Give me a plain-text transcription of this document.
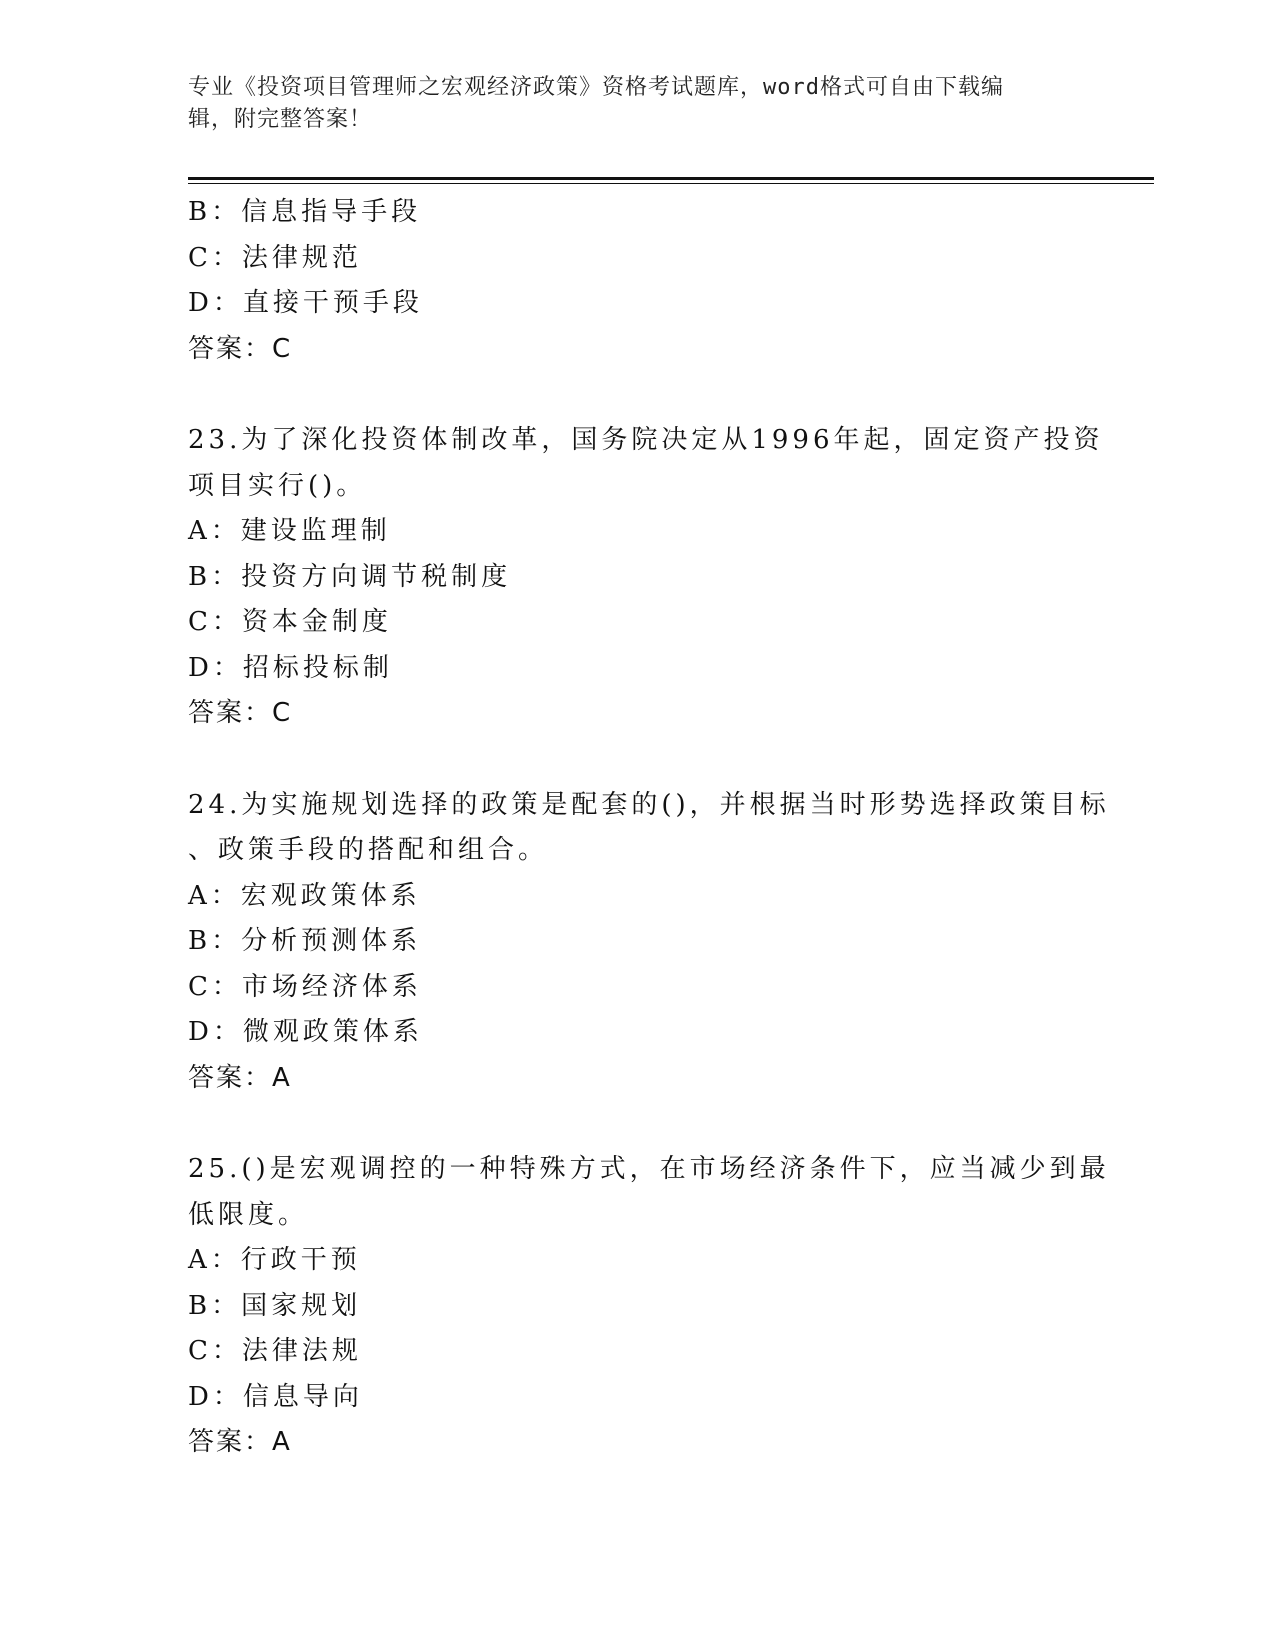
专业《投资项目管理师之宏观经济政策》资格考试题库，word格式可自由下载编
辑，附完整答案！
B：信息指导手段
C：法律规范
D：直接干预手段
答案：C
23.为了深化投资体制改革，国务院决定从1996年起，固定资产投资
项目实行()。
A：建设监理制
B：投资方向调节税制度
C：资本金制度
D：招标投标制
答案：C
24.为实施规划选择的政策是配套的()，并根据当时形势选择政策目标
、政策手段的搭配和组合。
A：宏观政策体系
B：分析预测体系
C：市场经济体系
D：微观政策体系
答案：A
25.()是宏观调控的一种特殊方式，在市场经济条件下，应当减少到最
低限度。
A：行政干预
B：国家规划
C：法律法规
D：信息导向
答案：A
